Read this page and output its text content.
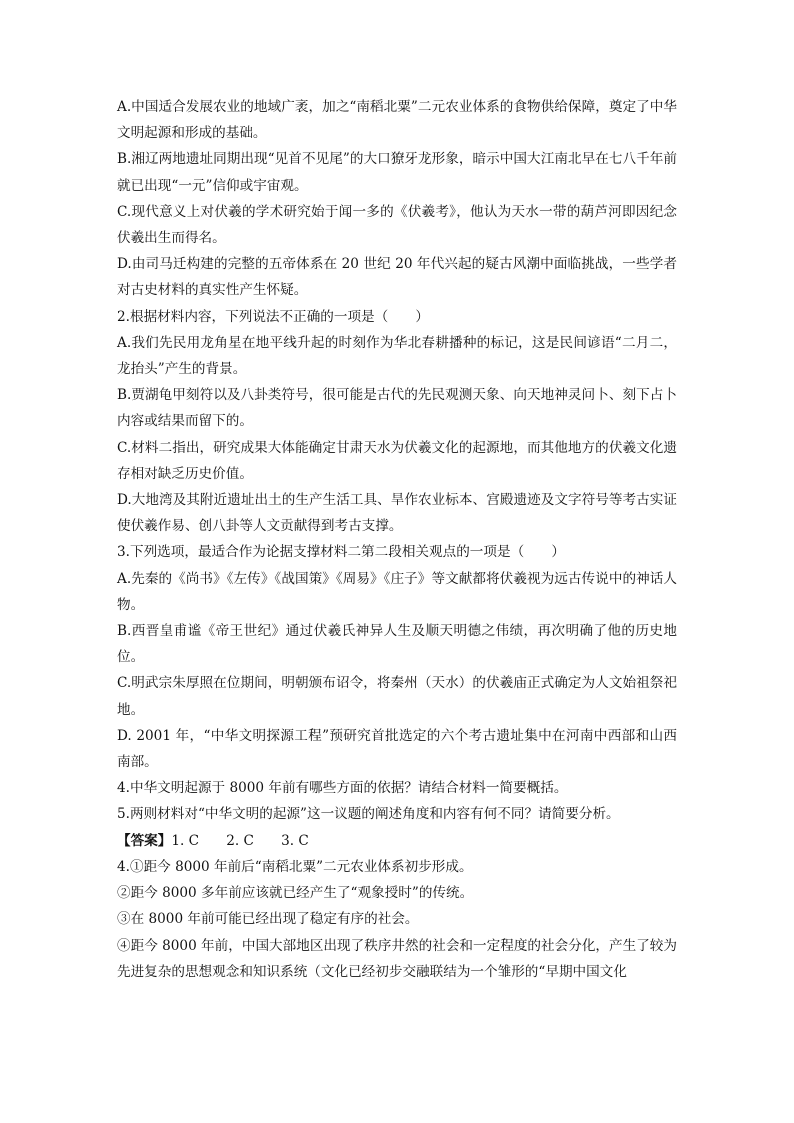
A.中国适合发展农业的地域广袤，加之“南稻北粟”二元农业体系的食物供给保障，奠定了中华文明起源和形成的基础。

B.湘辽两地遗址同期出现“见首不见尾”的大口獠牙龙形象，暗示中国大江南北早在七八千年前就已出现“一元”信仰或宇宙观。

C.现代意义上对伏羲的学术研究始于闻一多的《伏羲考》，他认为天水一带的葫芦河即因纪念伏羲出生而得名。

D.由司马迁构建的完整的五帝体系在 20 世纪 20 年代兴起的疑古风潮中面临挑战，一些学者对古史材料的真实性产生怀疑。

2.根据材料内容，下列说法不正确的一项是（　　）

A.我们先民用龙角星在地平线升起的时刻作为华北春耕播种的标记，这是民间谚语“二月二，龙抬头”产生的背景。

B.贾湖龟甲刻符以及八卦类符号，很可能是古代的先民观测天象、向天地神灵问卜、刻下占卜内容或结果而留下的。

C.材料二指出，研究成果大体能确定甘肃天水为伏羲文化的起源地，而其他地方的伏羲文化遗存相对缺乏历史价值。

D.大地湾及其附近遗址出土的生产生活工具、旱作农业标本、宫殿遗迹及文字符号等考古实证使伏羲作易、创八卦等人文贡献得到考古支撑。

3.下列选项，最适合作为论据支撑材料二第二段相关观点的一项是（　　）

A.先秦的《尚书》《左传》《战国策》《周易》《庄子》等文献都将伏羲视为远古传说中的神话人物。

B.西晋皇甫谧《帝王世纪》通过伏羲氏神异人生及顺天明德之伟绩，再次明确了他的历史地位。

C.明武宗朱厚照在位期间，明朝颁布诏令，将秦州（天水）的伏羲庙正式确定为人文始祖祭祀地。

D. 2001 年，“中华文明探源工程”预研究首批选定的六个考古遗址集中在河南中西部和山西南部。

4.中华文明起源于 8000 年前有哪些方面的依据？请结合材料一简要概括。

5.两则材料对“中华文明的起源”这一议题的阐述角度和内容有何不同？请简要分析。

【答案】1. C　　2. C　　3. C

4.①距今 8000 年前后“南稻北粟”二元农业体系初步形成。

②距今 8000 多年前应该就已经产生了“观象授时”的传统。

③在 8000 年前可能已经出现了稳定有序的社会。

④距今 8000 年前，中国大部地区出现了秩序井然的社会和一定程度的社会分化，产生了较为先进复杂的思想观念和知识系统（文化已经初步交融联结为一个雏形的“早期中国文化
